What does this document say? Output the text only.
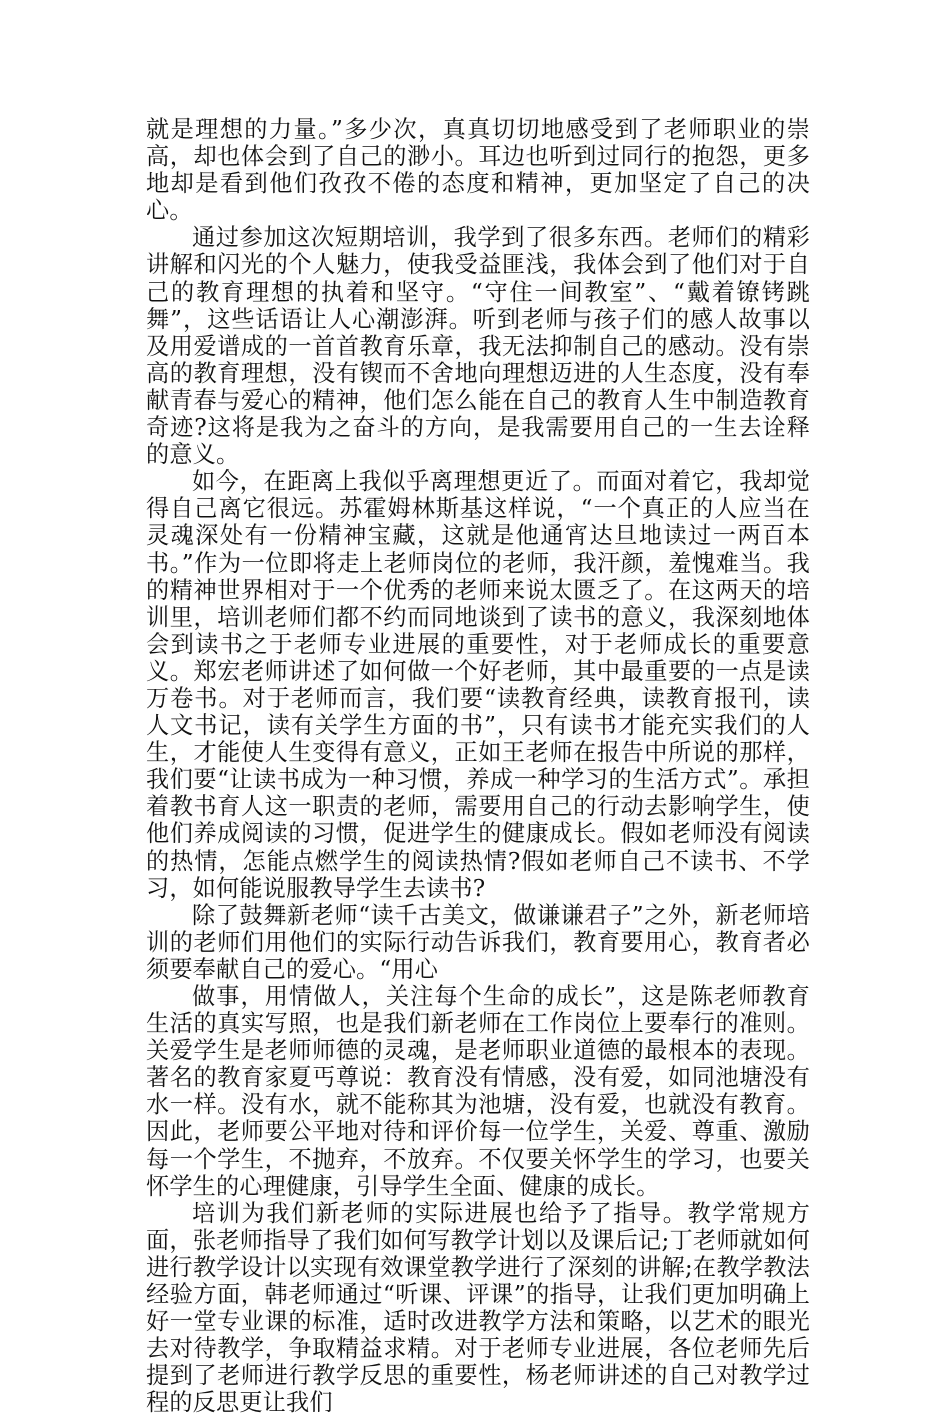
就是理想的力量。”多少次，真真切切地感受到了老师职业的崇高，却也体会到了自己的渺小。耳边也听到过同行的抱怨，更多地却是看到他们孜孜不倦的态度和精神，更加坚定了自己的决心。

通过参加这次短期培训，我学到了很多东西。老师们的精彩讲解和闪光的个人魅力，使我受益匪浅，我体会到了他们对于自己的教育理想的执着和坚守。“守住一间教室”、“戴着镣铐跳舞”，这些话语让人心潮澎湃。听到老师与孩子们的感人故事以及用爱谱成的一首首教育乐章，我无法抑制自己的感动。没有崇高的教育理想，没有锲而不舍地向理想迈进的人生态度，没有奉献青春与爱心的精神，他们怎么能在自己的教育人生中制造教育奇迹?这将是我为之奋斗的方向，是我需要用自己的一生去诠释的意义。

如今，在距离上我似乎离理想更近了。而面对着它，我却觉得自己离它很远。苏霍姆林斯基这样说，“一个真正的人应当在灵魂深处有一份精神宝藏，这就是他通宵达旦地读过一两百本书。”作为一位即将走上老师岗位的老师，我汗颜，羞愧难当。我的精神世界相对于一个优秀的老师来说太匮乏了。在这两天的培训里，培训老师们都不约而同地谈到了读书的意义，我深刻地体会到读书之于老师专业进展的重要性，对于老师成长的重要意义。郑宏老师讲述了如何做一个好老师，其中最重要的一点是读万卷书。对于老师而言，我们要“读教育经典，读教育报刊，读人文书记，读有关学生方面的书”，只有读书才能充实我们的人生，才能使人生变得有意义，正如王老师在报告中所说的那样，我们要“让读书成为一种习惯，养成一种学习的生活方式”。承担着教书育人这一职责的老师，需要用自己的行动去影响学生，使他们养成阅读的习惯，促进学生的健康成长。假如老师没有阅读的热情，怎能点燃学生的阅读热情?假如老师自己不读书、不学习，如何能说服教导学生去读书?

除了鼓舞新老师“读千古美文，做谦谦君子”之外，新老师培训的老师们用他们的实际行动告诉我们，教育要用心，教育者必须要奉献自己的爱心。“用心

做事，用情做人，关注每个生命的成长”，这是陈老师教育生活的真实写照，也是我们新老师在工作岗位上要奉行的准则。关爱学生是老师师德的灵魂，是老师职业道德的最根本的表现。著名的教育家夏丐尊说：教育没有情感，没有爱，如同池塘没有水一样。没有水，就不能称其为池塘，没有爱，也就没有教育。因此，老师要公平地对待和评价每一位学生，关爱、尊重、激励每一个学生，不抛弃，不放弃。不仅要关怀学生的学习，也要关怀学生的心理健康，引导学生全面、健康的成长。

培训为我们新老师的实际进展也给予了指导。教学常规方面，张老师指导了我们如何写教学计划以及课后记;丁老师就如何进行教学设计以实现有效课堂教学进行了深刻的讲解;在教学教法经验方面，韩老师通过“听课、评课”的指导，让我们更加明确上好一堂专业课的标准，适时改进教学方法和策略，以艺术的眼光去对待教学，争取精益求精。对于老师专业进展，各位老师先后提到了老师进行教学反思的重要性，杨老师讲述的自己对教学过程的反思更让我们
